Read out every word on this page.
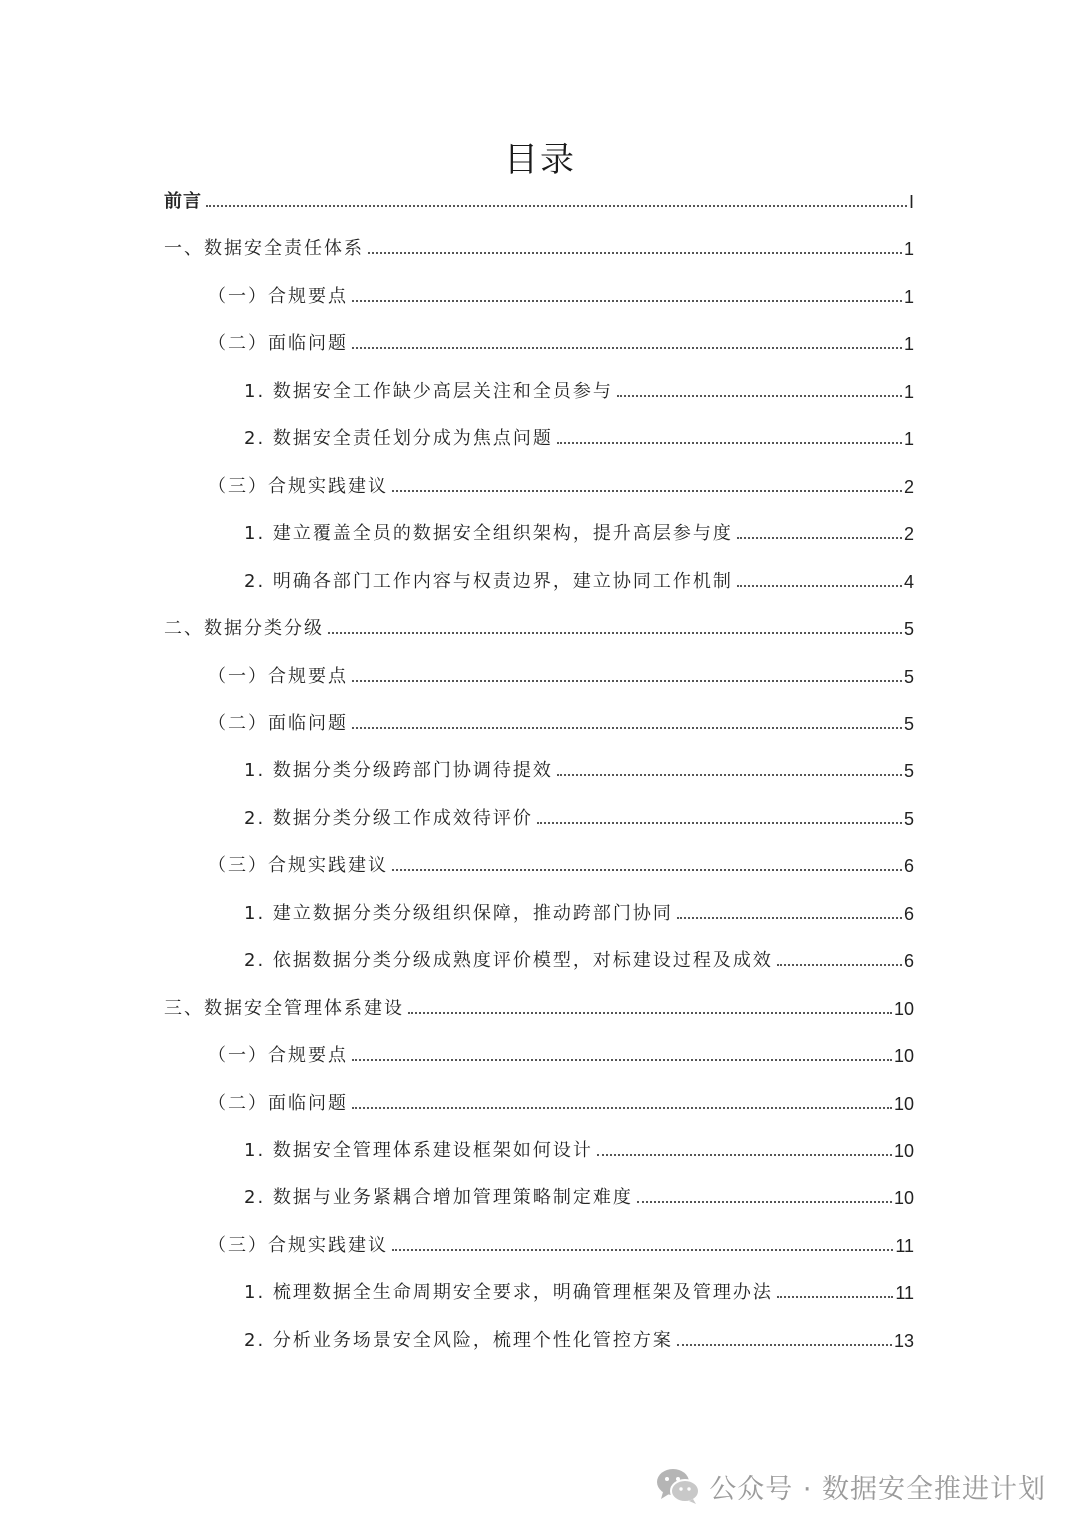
目录
前言	I
一、数据安全责任体系	1
（一）合规要点	1
（二）面临问题	1
1. 数据安全工作缺少高层关注和全员参与	1
2. 数据安全责任划分成为焦点问题	1
（三）合规实践建议	2
1. 建立覆盖全员的数据安全组织架构，提升高层参与度	2
2. 明确各部门工作内容与权责边界，建立协同工作机制	4
二、数据分类分级	5
（一）合规要点	5
（二）面临问题	5
1. 数据分类分级跨部门协调待提效	5
2. 数据分类分级工作成效待评价	5
（三）合规实践建议	6
1. 建立数据分类分级组织保障，推动跨部门协同	6
2. 依据数据分类分级成熟度评价模型，对标建设过程及成效	6
三、数据安全管理体系建设	10
（一）合规要点	10
（二）面临问题	10
1. 数据安全管理体系建设框架如何设计	10
2. 数据与业务紧耦合增加管理策略制定难度	10
（三）合规实践建议	11
1. 梳理数据全生命周期安全要求，明确管理框架及管理办法	11
2. 分析业务场景安全风险，梳理个性化管控方案	13
公众号 · 数据安全推进计划
